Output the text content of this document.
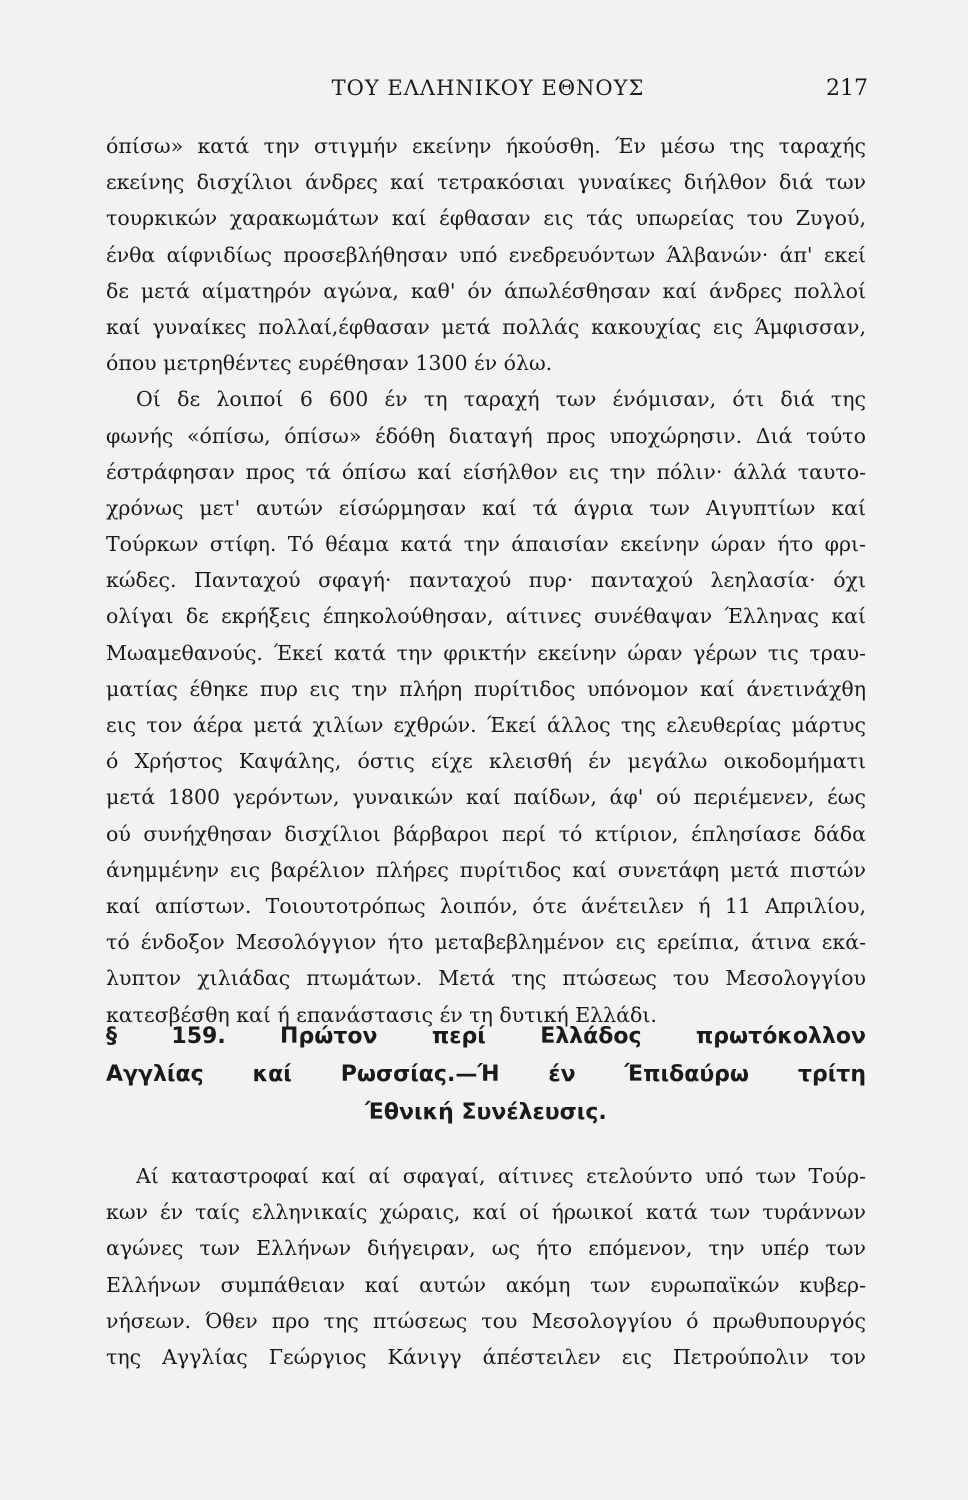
ΤΟΥ ΕΛΛΗΝΙΚΟΥ ΕΘΝΟΥΣ	217
όπίσω» κατά την στιγμήν εκείνην ήκούσθη. Έν μέσω της ταραχής
εκείνης δισχίλιοι άνδρες καί τετρακόσιαι γυναίκες διήλθον διά των
τουρκικών χαρακωμάτων καί έφθασαν εις τάς υπωρείας του Ζυγού,
ένθα αίφνιδίως προσεβλήθησαν υπό ενεδρευόντων Άλβανών· άπ' εκεί
δε μετά αίματηρόν αγώνα, καθ' όν άπωλέσθησαν καί άνδρες πολλοί
καί γυναίκες πολλαί,έφθασαν μετά πολλάς κακουχίας εις Άμφισσαν,
όπου μετρηθέντες ευρέθησαν 1300 έν όλω.
Οί δε λοιποί 6 600 έν τη ταραχή των ένόμισαν, ότι διά της
φωνής «όπίσω, όπίσω» έδόθη διαταγή προς υποχώρησιν. Διά τούτο
έστράφησαν προς τά όπίσω καί είσήλθον εις την πόλιν· άλλά ταυτο-
χρόνως μετ' αυτών είσώρμησαν καί τά άγρια των Αιγυπτίων καί
Τούρκων στίφη. Τό θέαμα κατά την άπαισίαν εκείνην ώραν ήτο φρι-
κώδες. Πανταχού σφαγή· πανταχού πυρ· πανταχού λεηλασία· όχι
ολίγαι δε εκρήξεις έπηκολούθησαν, αίτινες συνέθαψαν Έλληνας καί
Μωαμεθανούς. Έκεί κατά την φρικτήν εκείνην ώραν γέρων τις τραυ-
ματίας έθηκε πυρ εις την πλήρη πυρίτιδος υπόνομον καί άνετινάχθη
εις τον άέρα μετά χιλίων εχθρών. Έκεί άλλος της ελευθερίας μάρτυς
ό Χρήστος Καψάλης, όστις είχε κλεισθή έν μεγάλω οικοδομήματι
μετά 1800 γερόντων, γυναικών καί παίδων, άφ' ού περιέμενεν, έως
ού συνήχθησαν δισχίλιοι βάρβαροι περί τό κτίριον, έπλησίασε δάδα
άνημμένην εις βαρέλιον πλήρες πυρίτιδος καί συνετάφη μετά πιστών
καί απίστων. Τοιουτοτρόπως λοιπόν, ότε άνέτειλεν ή 11 Απριλίου,
τό ένδοξον Μεσολόγγιον ήτο μεταβεβλημένον εις ερείπια, άτινα εκά-
λυπτον χιλιάδας πτωμάτων. Μετά της πτώσεως του Μεσολογγίου
κατεσβέσθη καί ή επανάστασις έν τη δυτική Ελλάδι.
§ 159. Πρώτον περί Ελλάδος πρωτόκολλον
Αγγλίας καί Ρωσσίας.—Ή έν Έπιδαύρω τρίτη
Έθνική Συνέλευσις.
Αί καταστροφαί καί αί σφαγαί, αίτινες ετελούντο υπό των Τούρ-
κων έν ταίς ελληνικαίς χώραις, καί οί ήρωικοί κατά των τυράννων
αγώνες των Ελλήνων διήγειραν, ως ήτο επόμενον, την υπέρ των
Ελλήνων συμπάθειαν καί αυτών ακόμη των ευρωπαϊκών κυβερ-
νήσεων. Όθεν προ της πτώσεως του Μεσολογγίου ό πρωθυπουργός
της Αγγλίας Γεώργιος Κάνιγγ άπέστειλεν εις Πετρούπολιν τον
